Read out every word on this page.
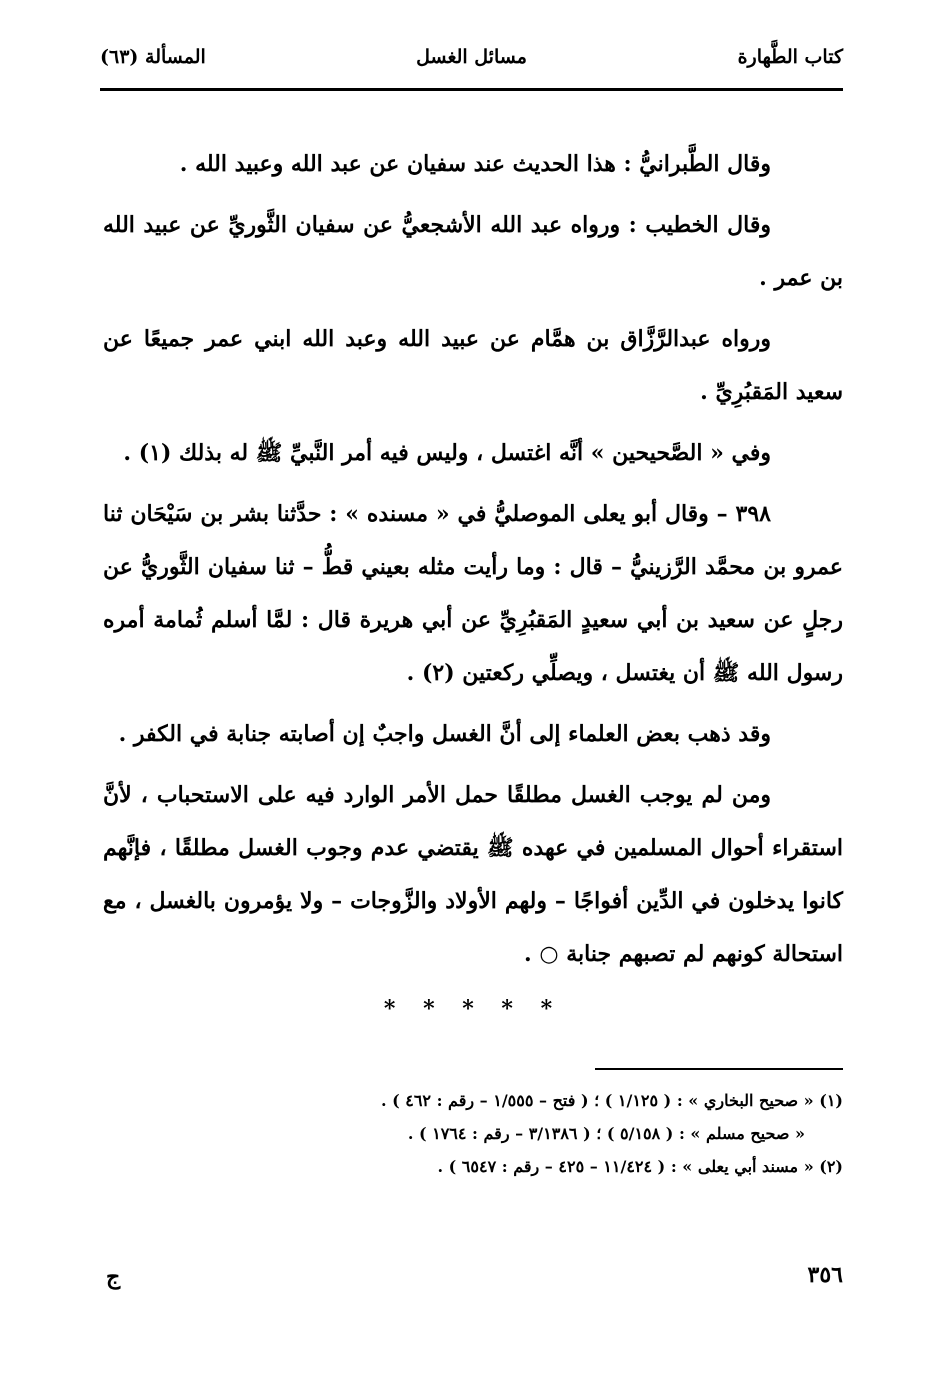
كتاب الطَّهارة
مسائل الغسل
المسألة (٦٣)

وقال الطَّبرانيُّ : هذا الحديث عند سفيان عن عبد الله وعبيد الله .

وقال الخطيب : ورواه عبد الله الأشجعيُّ عن سفيان الثَّوريِّ عن عبيد الله بن عمر .

ورواه عبدالرَّزَّاق بن همَّام عن عبيد الله وعبد الله ابني عمر جميعًا عن سعيد المَقبُرِيِّ .

وفي « الصَّحيحين » أنَّه اغتسل ، وليس فيه أمر النَّبيِّ ﷺ له بذلك (١) .

٣٩٨ – وقال أبو يعلى الموصليُّ في « مسنده » : حدَّثنا بشر بن سَيْحَان ثنا عمرو بن محمَّد الرَّزينيُّ – قال : وما رأيت مثله بعيني قطُّ – ثنا سفيان الثَّوريُّ عن رجلٍ عن سعيد بن أبي سعيدٍ المَقبُرِيِّ عن أبي هريرة قال : لمَّا أسلم ثُمامة أمره رسول الله ﷺ أن يغتسل ، ويصلِّي ركعتين (٢) .

وقد ذهب بعض العلماء إلى أنَّ الغسل واجبٌ إن أصابته جنابة في الكفر .

ومن لم يوجب الغسل مطلقًا حمل الأمر الوارد فيه على الاستحباب ، لأنَّ استقراء أحوال المسلمين في عهده ﷺ يقتضي عدم وجوب الغسل مطلقًا ، فإنَّهم كانوا يدخلون في الدِّين أفواجًا – ولهم الأولاد والزَّوجات – ولا يؤمرون بالغسل ، مع استحالة كونهم لم تصبهم جنابة ○ .

* * * * *
(١) « صحيح البخاري » : ( ١/١٢٥ ) ؛ ( فتح – ١/٥٥٥ – رقم : ٤٦٢ ) .
« صحيح مسلم » : ( ٥/١٥٨ ) ؛ ( ٣/١٣٨٦ – رقم : ١٧٦٤ ) .
(٢) « مسند أبي يعلى » : ( ١١/٤٢٤ – ٤٢٥ – رقم : ٦٥٤٧ ) .
٣٥٦
ج
